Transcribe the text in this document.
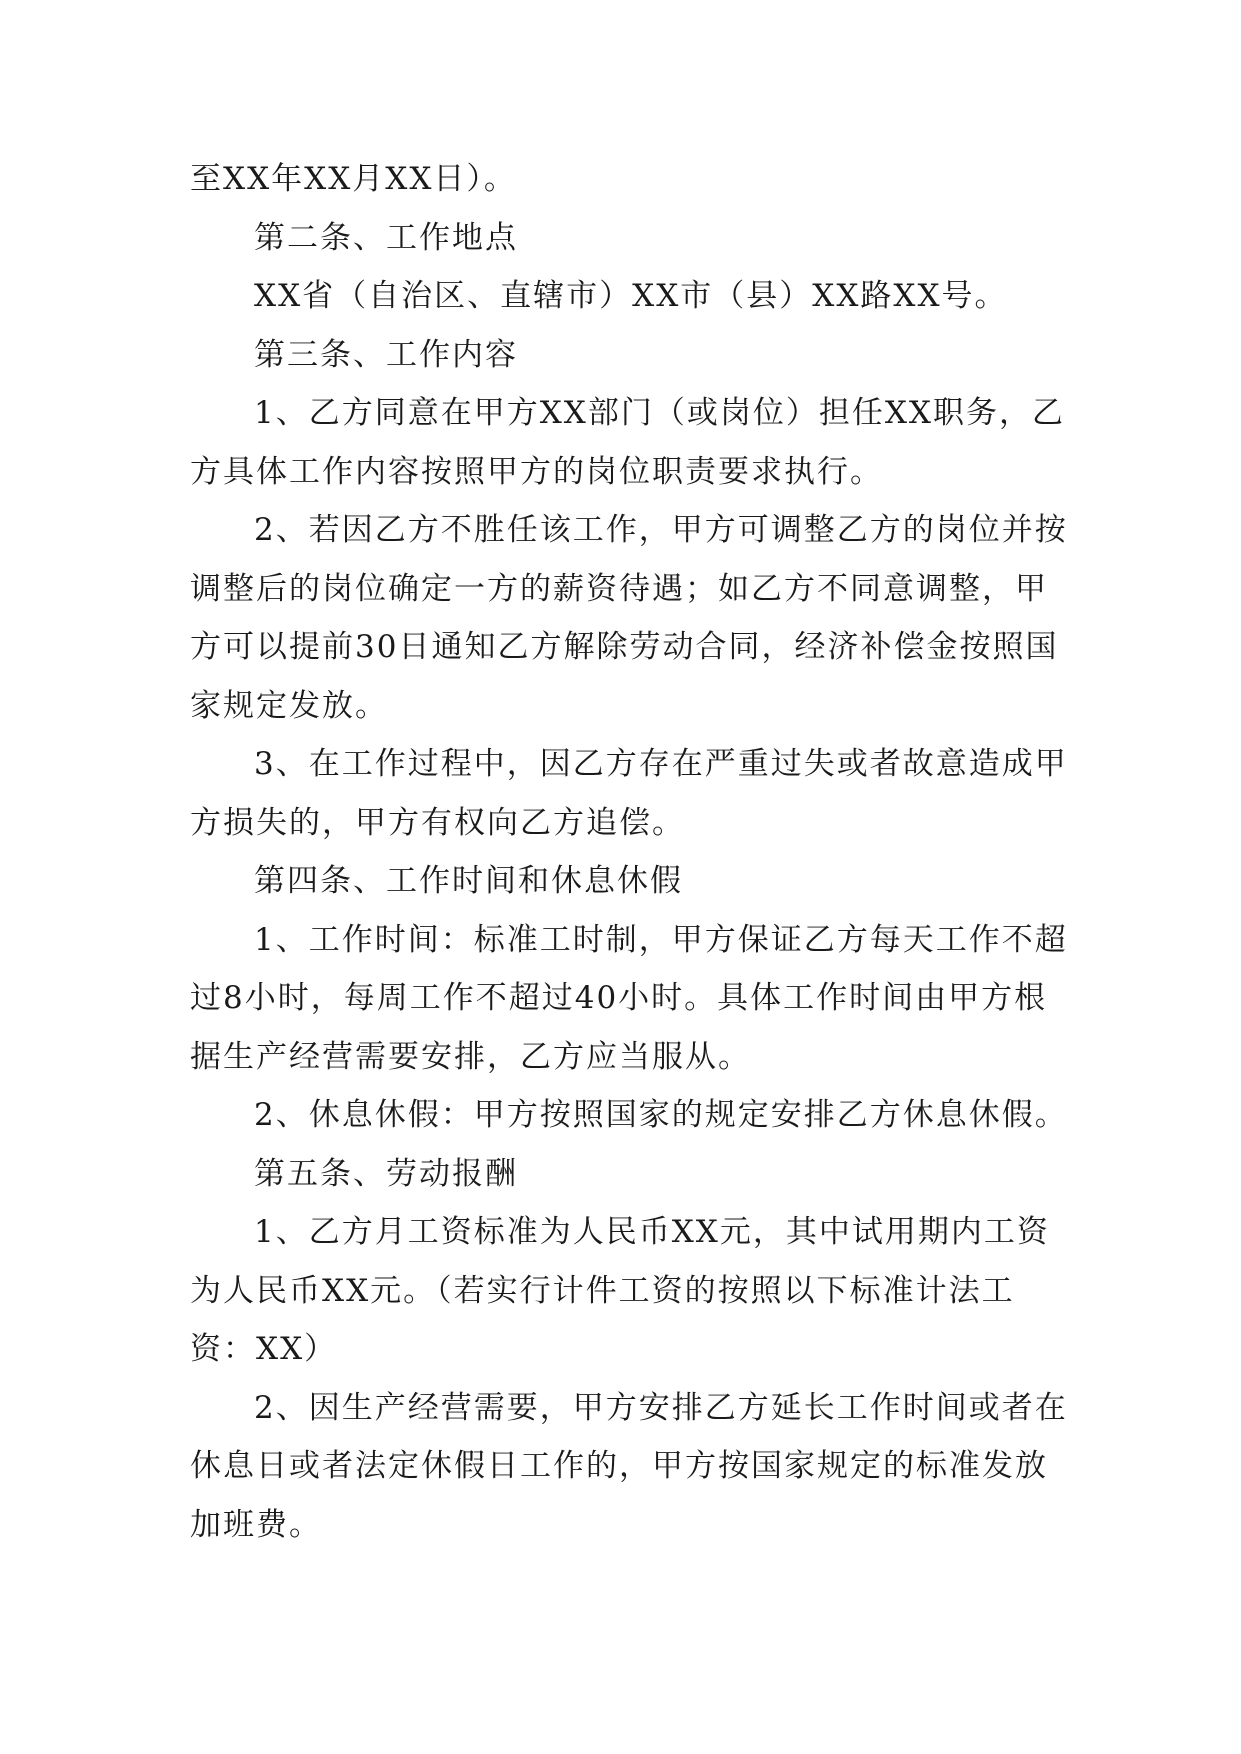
至XX年XX月XX日）。

第二条、工作地点

XX省（自治区、直辖市）XX市（县）XX路XX号。

第三条、工作内容

1、乙方同意在甲方XX部门（或岗位）担任XX职务，乙方具体工作内容按照甲方的岗位职责要求执行。

2、若因乙方不胜任该工作，甲方可调整乙方的岗位并按调整后的岗位确定一方的薪资待遇；如乙方不同意调整，甲方可以提前30日通知乙方解除劳动合同，经济补偿金按照国家规定发放。

3、在工作过程中，因乙方存在严重过失或者故意造成甲方损失的，甲方有权向乙方追偿。

第四条、工作时间和休息休假

1、工作时间：标准工时制，甲方保证乙方每天工作不超过8小时，每周工作不超过40小时。具体工作时间由甲方根据生产经营需要安排，乙方应当服从。

2、休息休假：甲方按照国家的规定安排乙方休息休假。

第五条、劳动报酬

1、乙方月工资标准为人民币XX元，其中试用期内工资为人民币XX元。（若实行计件工资的按照以下标准计法工资：XX）

2、因生产经营需要，甲方安排乙方延长工作时间或者在休息日或者法定休假日工作的，甲方按国家规定的标准发放加班费。
